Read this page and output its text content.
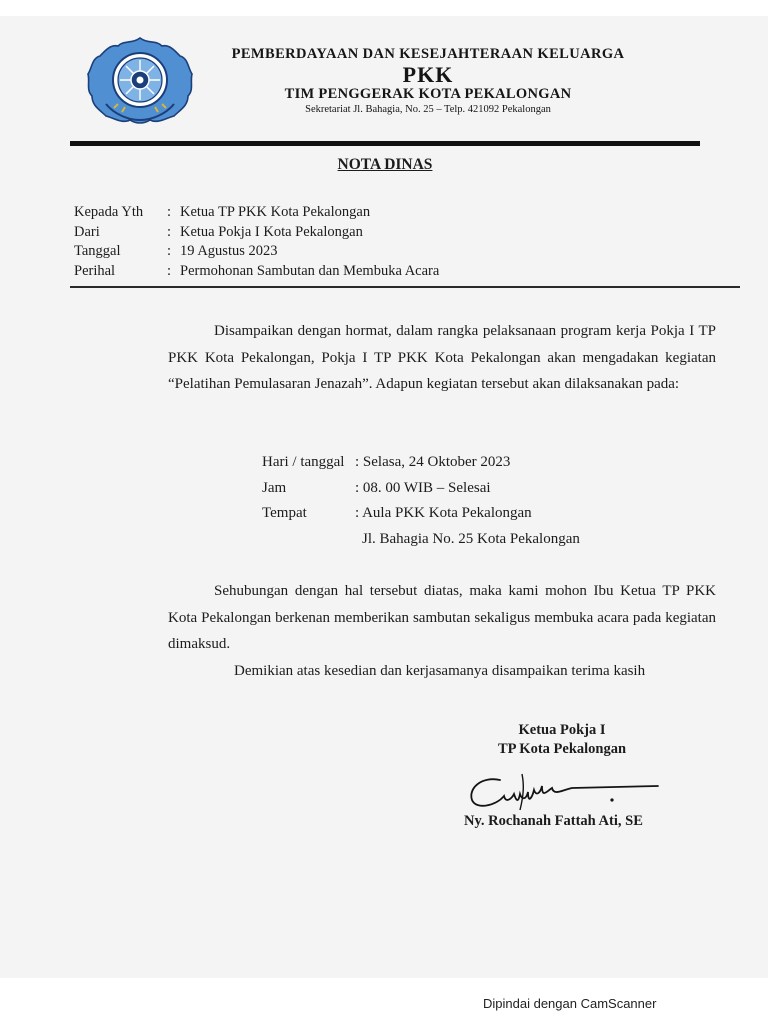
PEMBERDAYAAN DAN KESEJAHTERAAN KELUARGA
PKK
TIM PENGGERAK KOTA PEKALONGAN
Sekretariat Jl. Bahagia, No. 25 – Telp. 421092 Pekalongan
NOTA DINAS
Kepada Yth	: Ketua TP PKK Kota Pekalongan
Dari	: Ketua Pokja I Kota Pekalongan
Tanggal	: 19 Agustus 2023
Perihal	: Permohonan Sambutan dan Membuka Acara
Disampaikan dengan hormat, dalam rangka pelaksanaan program kerja Pokja I TP PKK Kota Pekalongan, Pokja I TP PKK Kota Pekalongan akan mengadakan kegiatan “Pelatihan Pemulasaran Jenazah”. Adapun kegiatan tersebut akan dilaksanakan pada:
Hari / tanggal : Selasa, 24 Oktober 2023
Jam	: 08. 00 WIB – Selesai
Tempat	: Aula PKK Kota Pekalongan
Jl. Bahagia No. 25 Kota Pekalongan
Sehubungan dengan hal tersebut diatas, maka kami mohon Ibu Ketua TP PKK Kota Pekalongan berkenan memberikan sambutan sekaligus membuka acara pada kegiatan dimaksud.
Demikian atas kesedian dan kerjasamanya disampaikan terima kasih
Ketua Pokja I
TP Kota Pekalongan
Ny. Rochanah Fattah Ati, SE
Dipindai dengan CamScanner
